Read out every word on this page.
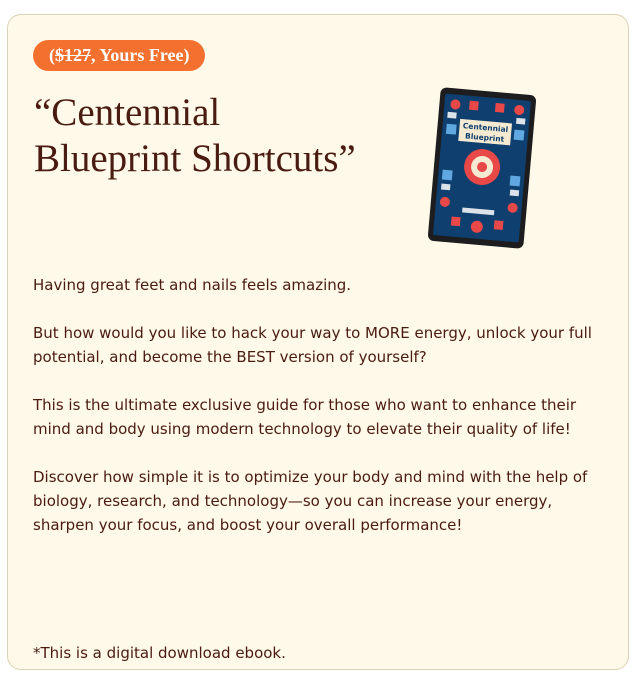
($127, Yours Free)
“Centennial
Blueprint Shortcuts”
Centennial
Blueprint

Having great feet and nails feels amazing.

But how would you like to hack your way to MORE energy, unlock your full potential, and become the BEST version of yourself?

This is the ultimate exclusive guide for those who want to enhance their mind and body using modern technology to elevate their quality of life!

Discover how simple it is to optimize your body and mind with the help of biology, research, and technology—so you can increase your energy, sharpen your focus, and boost your overall performance!

*This is a digital download ebook.
